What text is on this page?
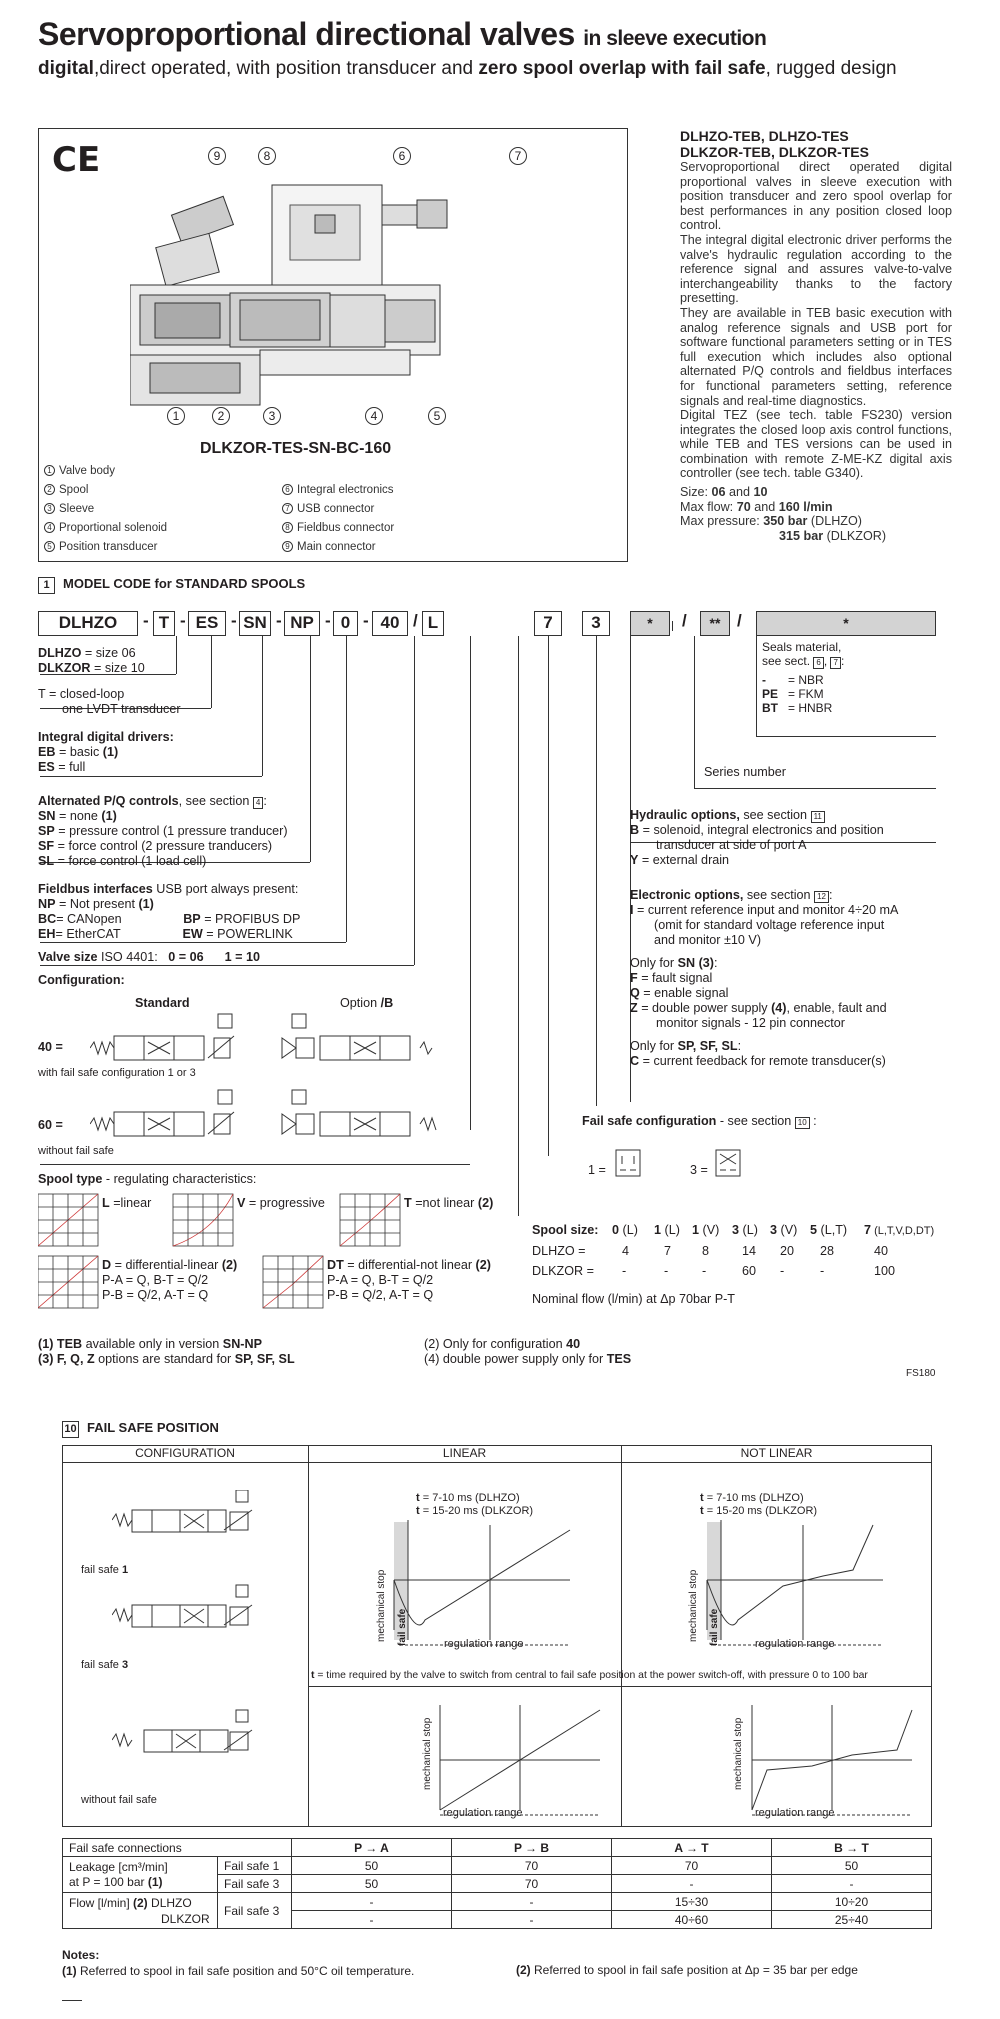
Servoproportional directional valves in sleeve execution
digital,direct operated, with position transducer and zero spool overlap with fail safe, rugged design
CE	9	8	6	7
1	2	3	4	5
DLKZOR-TES-SN-BC-160
1 Valve body
2 Spool
3 Sleeve
4 Proportional solenoid
5 Position transducer
6 Integral electronics
7 USB connector
8 Fieldbus connector
9 Main connector
DLHZO-TEB, DLHZO-TES
DLKZOR-TEB, DLKZOR-TES
Servoproportional direct operated digital proportional valves in sleeve execution with position transducer and zero spool overlap for best performances in any position closed loop control.
The integral digital electronic driver performs the valve's hydraulic regulation according to the reference signal and assures valve-to-valve interchangeability thanks to the factory presetting.
They are available in TEB basic execution with analog reference signals and USB port for software functional parameters setting or in TES full execution which includes also optional alternated P/Q controls and fieldbus interfaces for functional parameters setting, reference signals and real-time diagnostics.
Digital TEZ (see tech. table FS230) version integrates the closed loop axis control functions, while TEB and TES versions can be used in combination with remote Z-ME-KZ digital axis controller (see tech. table G340).
Size: 06 and 10
Max flow: 70 and 160 l/min
Max pressure: 350 bar (DLHZO)
315 bar (DLKZOR)
1 MODEL CODE for STANDARD SPOOLS
DLHZO	- T - ES - SN - NP - 0 - 40 / L	7	3	*	/	** /	*
DLHZO = size 06
DLKZOR = size 10
T = closed-loop
one LVDT transducer
Integral digital drivers:
EB = basic (1)
ES = full
Alternated P/Q controls, see section 4 :
SN = none (1)
SP = pressure control (1 pressure tranducer)
SF = force control (2 pressure tranducers)
SL = force control (1 load cell)
Fieldbus interfaces USB port always present:
NP = Not present (1)
BC= CANopen	BP = PROFIBUS DP
EH= EtherCAT	EW = POWERLINK
Valve size ISO 4401: 0 = 06 1 = 10
Configuration:
Standard	Option /B
40 =
with fail safe configuration 1 or 3
60 =
without fail safe
Spool type - regulating characteristics:
L =linear	V = progressive	T =not linear (2)
D = differential-linear (2)
P-A = Q, B-T = Q/2
P-B = Q/2, A-T = Q
DT = differential-not linear (2)
P-A = Q, B-T = Q/2
P-B = Q/2, A-T = Q
Seals material,
see sect. 6 , 7 :
- = NBR
PE = FKM
BT = HNBR
Series number
Hydraulic options, see section 11
B = solenoid, integral electronics and position
transducer at side of port A
Y = external drain
Electronic options, see section 12 :
I = current reference input and monitor 4÷20 mA
(omit for standard voltage reference input
and monitor ±10 V)
Only for SN (3):
F = fault signal
Q = enable signal
Z = double power supply (4), enable, fault and
monitor signals - 12 pin connector
Only for SP, SF, SL:
C = current feedback for remote transducer(s)
Fail safe configuration - see section 10 :
1 =	3 =
Spool size: 0 (L) 1 (L) 1 (V) 3 (L) 3 (V) 5 (L,T) 7 (L,T,V,D,DT)
DLHZO =	4	7 8	14 20 28	40
DLKZOR = -	-	-	60 -	-	100
Nominal flow (l/min) at Δp 70bar P-T
(1) TEB available only in version SN-NP
(3) F, Q, Z options are standard for SP, SF, SL
(2) Only for configuration 40
(4) double power supply only for TES
FS180
10 FAIL SAFE POSITION
CONFIGURATION	LINEAR	NOT LINEAR
fail safe 1
fail safe 3
without fail safe
t = 7-10 ms (DLHZO)
t = 15-20 ms (DLKZOR)
t = 7-10 ms (DLHZO)
t = 15-20 ms (DLKZOR)
mechanical stop fail safe	regulation range
mechanical stop fail safe	regulation range
t = time required by the valve to switch from central to fail safe position at the power switch-off, with pressure 0 to 100 bar
mechanical stop
regulation range
mechanical stop
regulation range
Fail safe connections		P → A	P → B	A → T	B → T
Leakage [cm³/min]
at P = 100 bar (1)	Fail safe 1	50	70	70	50
	Fail safe 3	50	70	-	-
Flow [l/min] (2) DLHZO
DLKZOR	Fail safe 3	-	-	15÷30	10÷20
		-	-	40÷60	25÷40
Notes:
(1) Referred to spool in fail safe position and 50°C oil temperature.	(2) Referred to spool in fail safe position at Δp = 35 bar per edge
